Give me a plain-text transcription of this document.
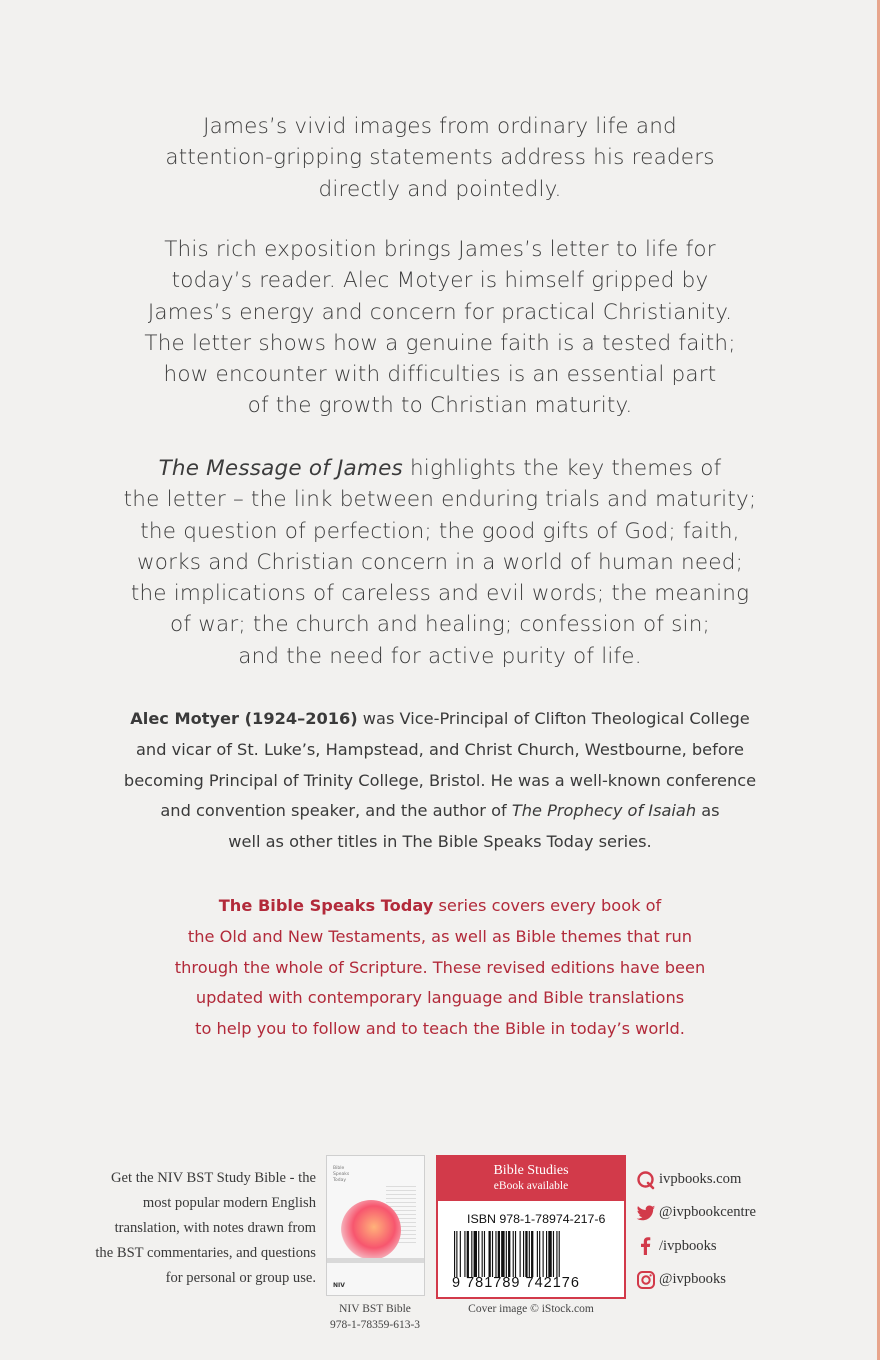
James’s vivid images from ordinary life and
attention-gripping statements address his readers
directly and pointedly.
This rich exposition brings James’s letter to life for
today’s reader. Alec Motyer is himself gripped by
James’s energy and concern for practical Christianity.
The letter shows how a genuine faith is a tested faith;
how encounter with difficulties is an essential part
of the growth to Christian maturity.
The Message of James highlights the key themes of
the letter – the link between enduring trials and maturity;
the question of perfection; the good gifts of God; faith,
works and Christian concern in a world of human need;
the implications of careless and evil words; the meaning
of war; the church and healing; confession of sin;
and the need for active purity of life.
Alec Motyer (1924–2016) was Vice-Principal of Clifton Theological College
and vicar of St. Luke’s, Hampstead, and Christ Church, Westbourne, before
becoming Principal of Trinity College, Bristol. He was a well-known conference
and convention speaker, and the author of The Prophecy of Isaiah as
well as other titles in The Bible Speaks Today series.
The Bible Speaks Today series covers every book of
the Old and New Testaments, as well as Bible themes that run
through the whole of Scripture. These revised editions have been
updated with contemporary language and Bible translations
to help you to follow and to teach the Bible in today’s world.
Get the NIV BST Study Bible - the
most popular modern English
translation, with notes drawn from
the BST commentaries, and questions
for personal or group use.
Bible
Speaks
Today
NIV
NIV BST Bible
978-1-78359-613-3
Bible Studies
eBook available
ISBN 978-1-78974-217-6
9 781789 742176
Cover image © iStock.com
ivpbooks.com
@ivpbookcentre
/ivpbooks
@ivpbooks
